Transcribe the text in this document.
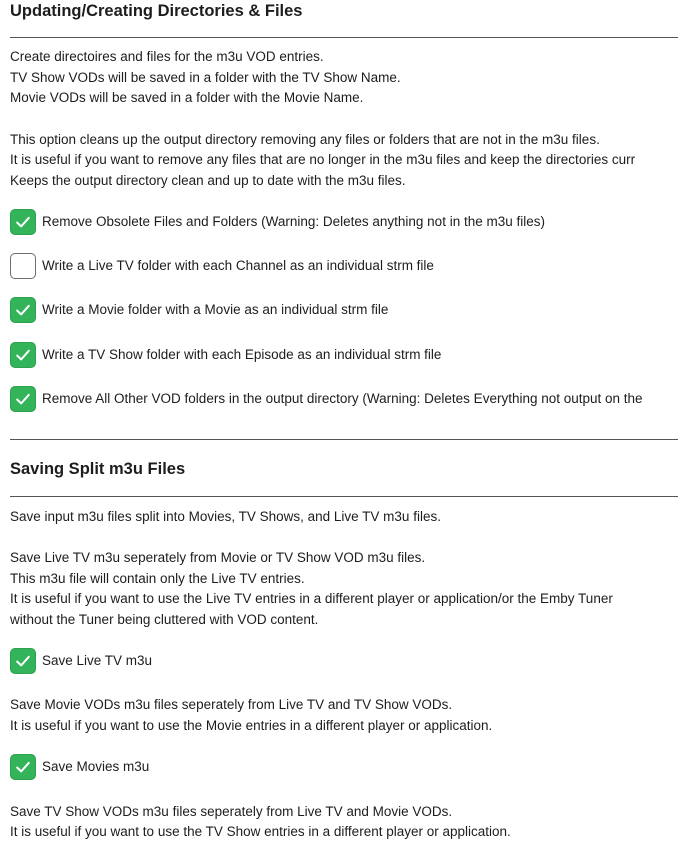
Updating/Creating Directories & Files
Create directoires and files for the m3u VOD entries.
TV Show VODs will be saved in a folder with the TV Show Name.
Movie VODs will be saved in a folder with the Movie Name.
This option cleans up the output directory removing any files or folders that are not in the m3u files.
It is useful if you want to remove any files that are no longer in the m3u files and keep the directories curr
Keeps the output directory clean and up to date with the m3u files.
Remove Obsolete Files and Folders (Warning: Deletes anything not in the m3u files)
Write a Live TV folder with each Channel as an individual strm file
Write a Movie folder with a Movie as an individual strm file
Write a TV Show folder with each Episode as an individual strm file
Remove All Other VOD folders in the output directory (Warning: Deletes Everything not output on the
Saving Split m3u Files
Save input m3u files split into Movies, TV Shows, and Live TV m3u files.
Save Live TV m3u seperately from Movie or TV Show VOD m3u files.
This m3u file will contain only the Live TV entries.
It is useful if you want to use the Live TV entries in a different player or application/or the Emby Tuner
without the Tuner being cluttered with VOD content.
Save Live TV m3u
Save Movie VODs m3u files seperately from Live TV and TV Show VODs.
It is useful if you want to use the Movie entries in a different player or application.
Save Movies m3u
Save TV Show VODs m3u files seperately from Live TV and Movie VODs.
It is useful if you want to use the TV Show entries in a different player or application.
